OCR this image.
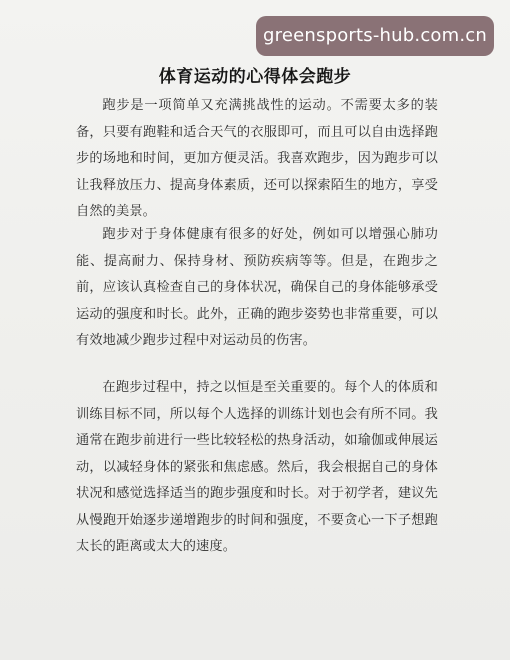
greensports-hub.com.cn
体育运动的心得体会跑步

跑步是一项简单又充满挑战性的运动。不需要太多的装备，只要有跑鞋和适合天气的衣服即可，而且可以自由选择跑步的场地和时间，更加方便灵活。我喜欢跑步，因为跑步可以让我释放压力、提高身体素质，还可以探索陌生的地方，享受自然的美景。

跑步对于身体健康有很多的好处，例如可以增强心肺功能、提高耐力、保持身材、预防疾病等等。但是，在跑步之前，应该认真检查自己的身体状况，确保自己的身体能够承受运动的强度和时长。此外，正确的跑步姿势也非常重要，可以有效地减少跑步过程中对运动员的伤害。

在跑步过程中，持之以恒是至关重要的。每个人的体质和训练目标不同，所以每个人选择的训练计划也会有所不同。我通常在跑步前进行一些比较轻松的热身活动，如瑜伽或伸展运动，以减轻身体的紧张和焦虑感。然后，我会根据自己的身体状况和感觉选择适当的跑步强度和时长。对于初学者，建议先从慢跑开始逐步递增跑步的时间和强度，不要贪心一下子想跑太长的距离或太大的速度。
